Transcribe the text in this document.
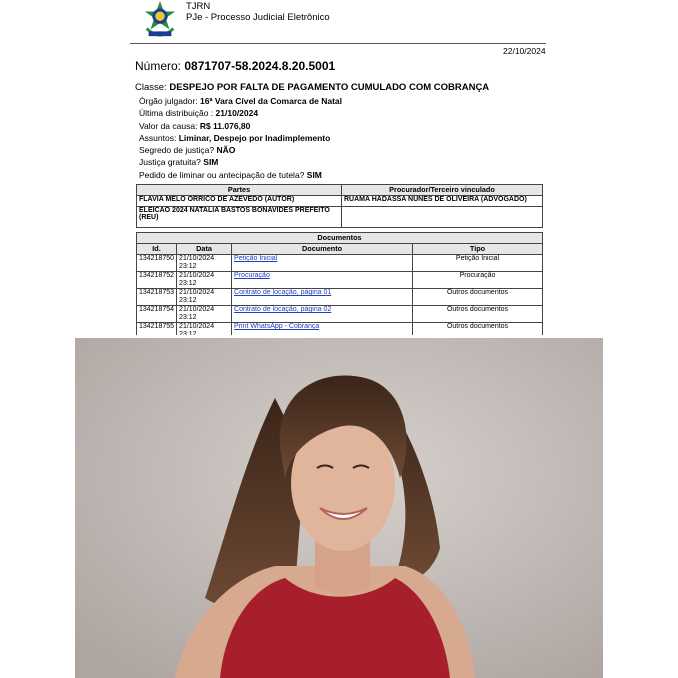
TJRN
PJe - Processo Judicial Eletrônico
22/10/2024
Número: 0871707-58.2024.8.20.5001
Classe: DESPEJO POR FALTA DE PAGAMENTO CUMULADO COM COBRANÇA
Órgão julgador: 16ª Vara Cível da Comarca de Natal
Última distribuição : 21/10/2024
Valor da causa: R$ 11.076,80
Assuntos: Liminar, Despejo por Inadimplemento
Segredo de justiça? NÃO
Justiça gratuita? SIM
Pedido de liminar ou antecipação de tutela? SIM
Partes	Procurador/Terceiro vinculado
FLAVIA MELO ORRICO DE AZEVEDO (AUTOR)	RUAMA HADASSA NUNES DE OLIVEIRA (ADVOGADO)
ELEICAO 2024 NATALIA BASTOS BONAVIDES PREFEITO (REU)	
Documentos			
Id.	Data	Documento	Tipo
134218750	21/10/2024 23:12	Petição Inicial	Petição Inicial
134218752	21/10/2024 23:12	Procuração	Procuração
134218753	21/10/2024 23:12	Contrato de locação, página 01	Outros documentos
134218754	21/10/2024 23:12	Contrato de locação, página 02	Outros documentos
134218755	21/10/2024 23:12	Print WhatsApp - Cobrança	Outros documentos
